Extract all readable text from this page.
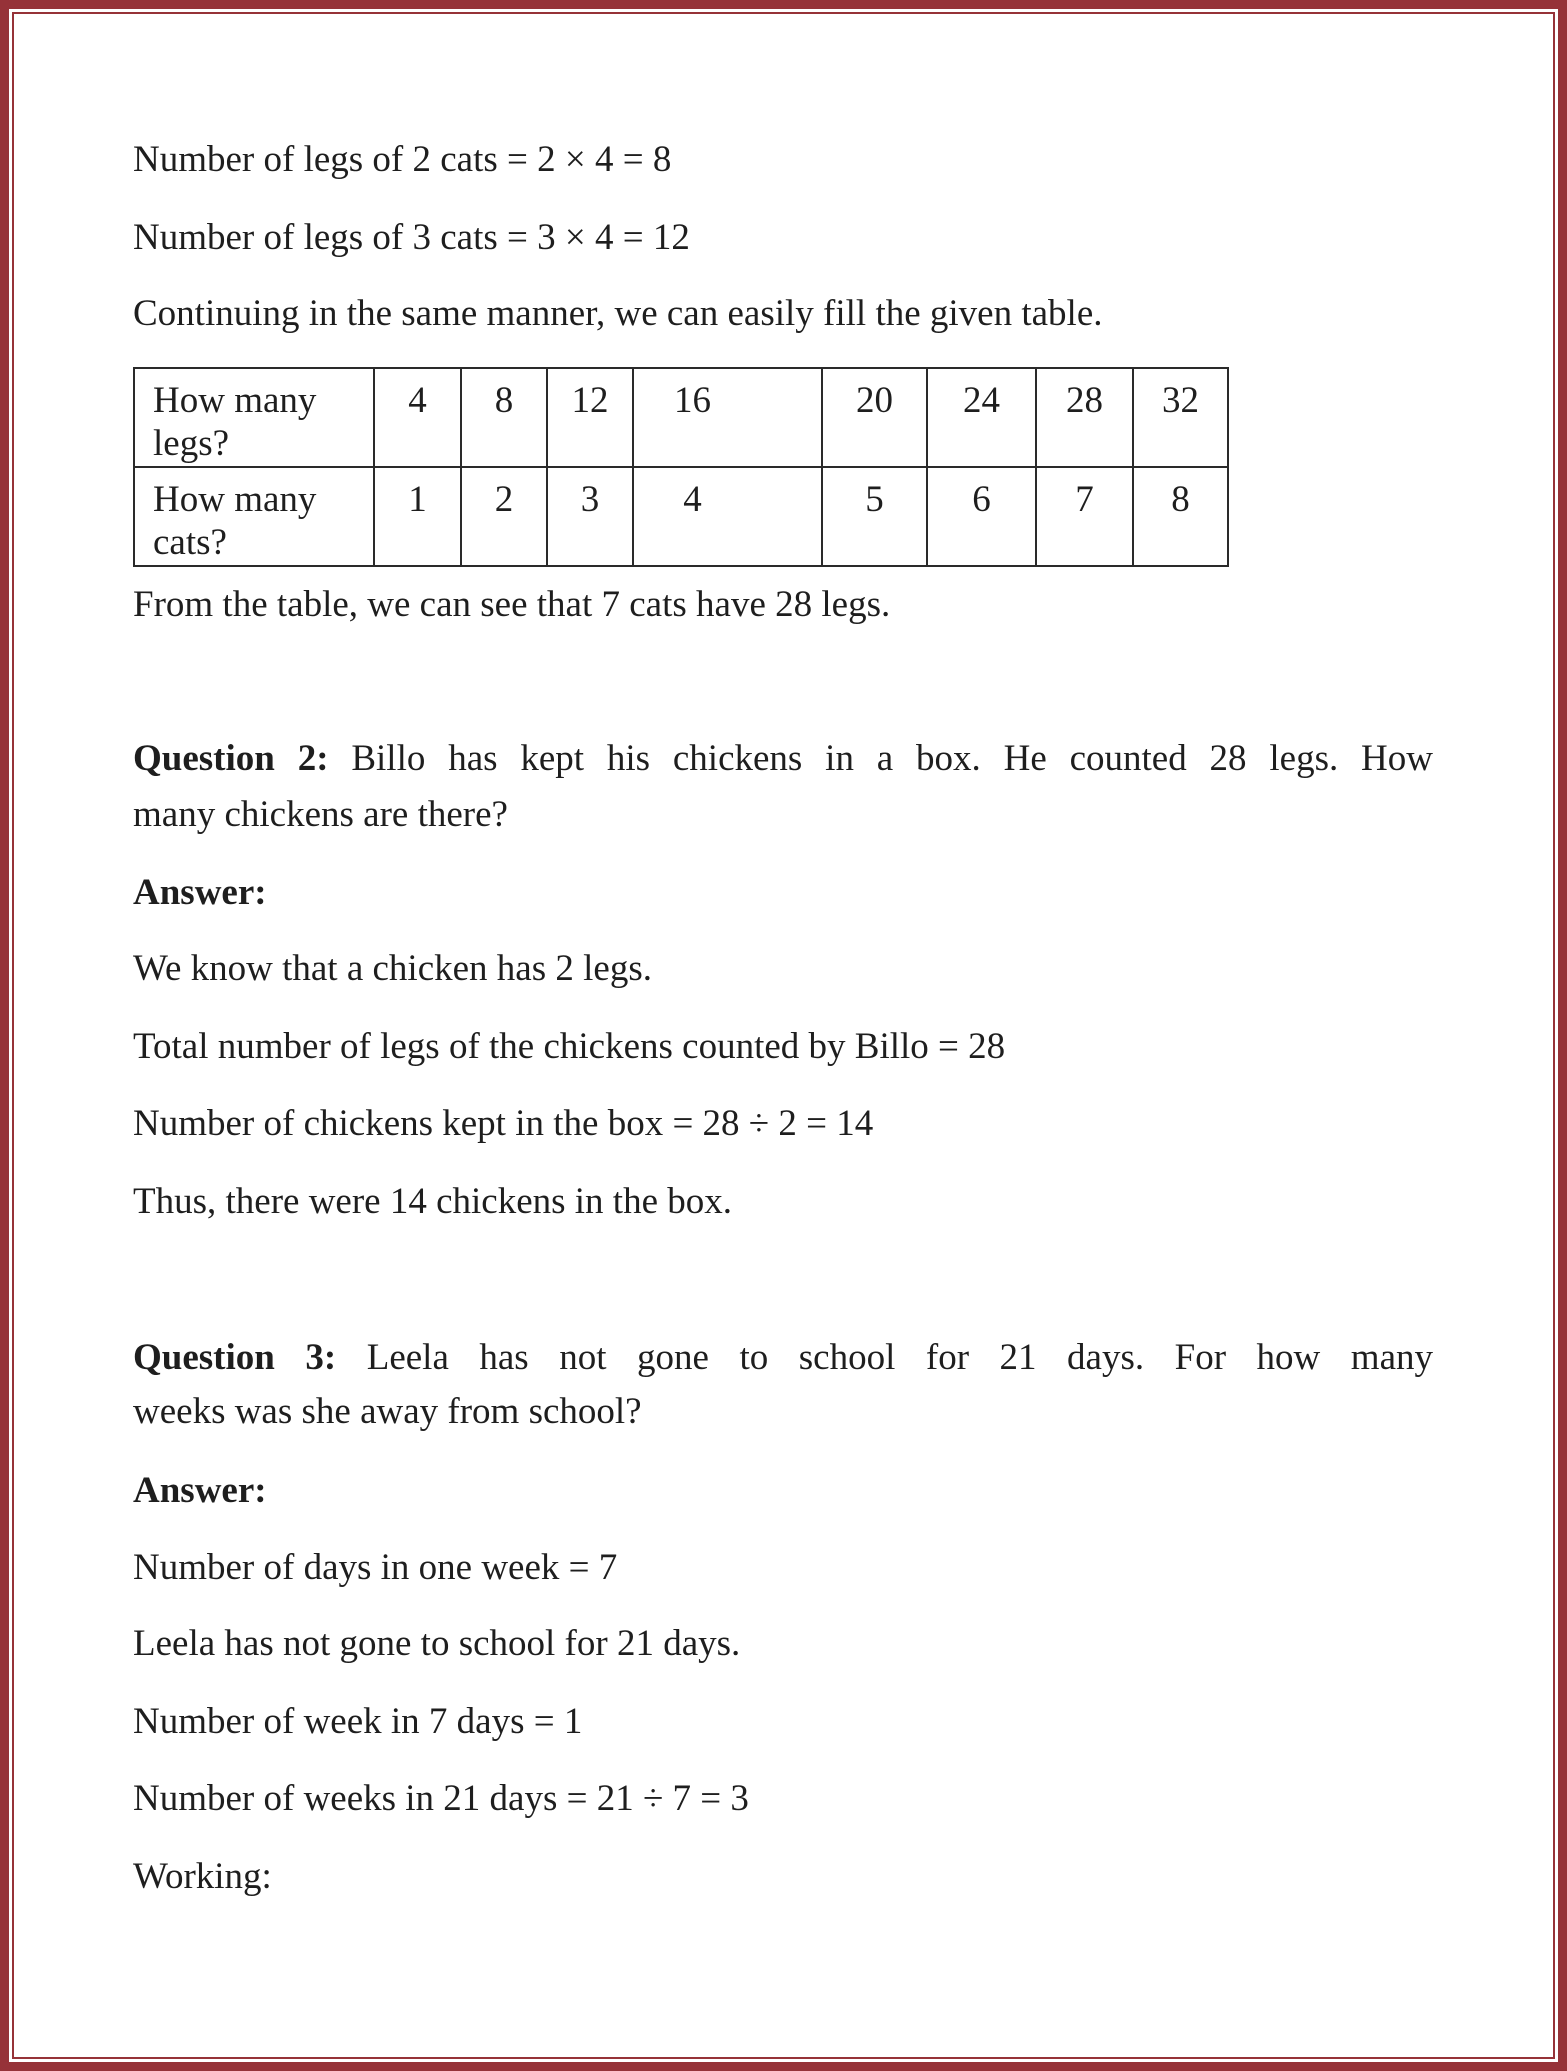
Number of legs of 2 cats = 2 × 4 = 8
Number of legs of 3 cats = 3 × 4 = 12
Continuing in the same manner, we can easily fill the given table.
How many legs?	4	8	12	16	20	24	28	32
How many cats?	1	2	3	4	5	6	7	8
From the table, we can see that 7 cats have 28 legs.
Question 2: Billo has kept his chickens in a box. He counted 28 legs. How
many chickens are there?
Answer:
We know that a chicken has 2 legs.
Total number of legs of the chickens counted by Billo = 28
Number of chickens kept in the box = 28 ÷ 2 = 14
Thus, there were 14 chickens in the box.
Question 3: Leela has not gone to school for 21 days. For how many
weeks was she away from school?
Answer:
Number of days in one week = 7
Leela has not gone to school for 21 days.
Number of week in 7 days = 1
Number of weeks in 21 days = 21 ÷ 7 = 3
Working:
